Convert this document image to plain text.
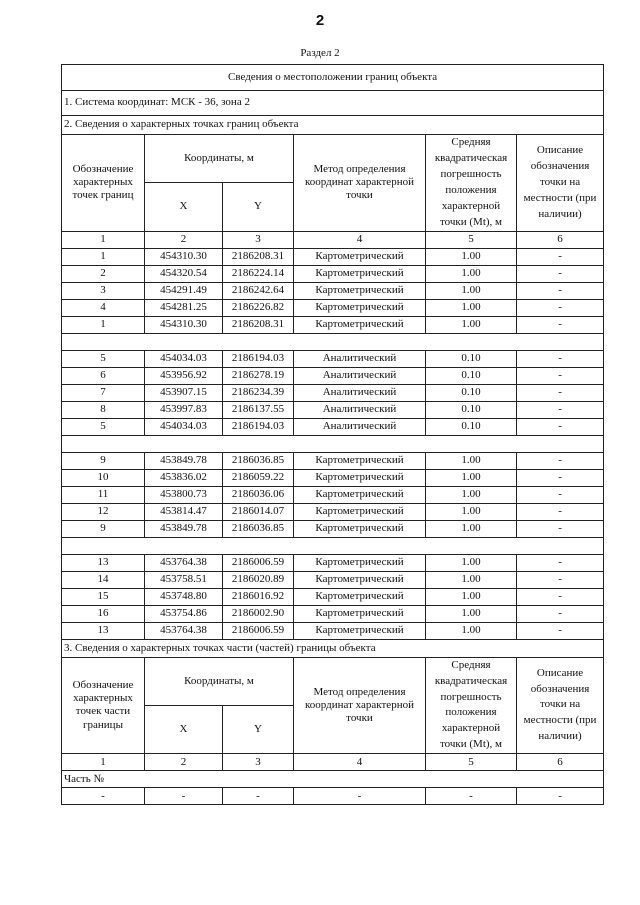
2
Раздел 2
Сведения о местоположении границ объекта					
1. Система координат: МСК - 36, зона 2					
2. Сведения о характерных точках границ объекта					
Обозначение характерных точек границ	Координаты, м		Метод определения координат характерной точки	Средняя квадратическая погрешность положения характерной точки (Mt), м	Описание обозначения точки на местности (при наличии)
	X	Y			
1	2	3	4	5	6
1	454310.30	2186208.31	Картометрический	1.00	-
2	454320.54	2186224.14	Картометрический	1.00	-
3	454291.49	2186242.64	Картометрический	1.00	-
4	454281.25	2186226.82	Картометрический	1.00	-
1	454310.30	2186208.31	Картометрический	1.00	-

5	454034.03	2186194.03	Аналитический	0.10	-
6	453956.92	2186278.19	Аналитический	0.10	-
7	453907.15	2186234.39	Аналитический	0.10	-
8	453997.83	2186137.55	Аналитический	0.10	-
5	454034.03	2186194.03	Аналитический	0.10	-

9	453849.78	2186036.85	Картометрический	1.00	-
10	453836.02	2186059.22	Картометрический	1.00	-
11	453800.73	2186036.06	Картометрический	1.00	-
12	453814.47	2186014.07	Картометрический	1.00	-
9	453849.78	2186036.85	Картометрический	1.00	-

13	453764.38	2186006.59	Картометрический	1.00	-
14	453758.51	2186020.89	Картометрический	1.00	-
15	453748.80	2186016.92	Картометрический	1.00	-
16	453754.86	2186002.90	Картометрический	1.00	-
13	453764.38	2186006.59	Картометрический	1.00	-
3. Сведения о характерных точках части (частей) границы объекта					
Обозначение характерных точек части границы	Координаты, м		Метод определения координат характерной точки	Средняя квадратическая погрешность положения характерной точки (Mt), м	Описание обозначения точки на местности (при наличии)
	X	Y			
1	2	3	4	5	6
Часть №					
-	-	-	-	-	-
